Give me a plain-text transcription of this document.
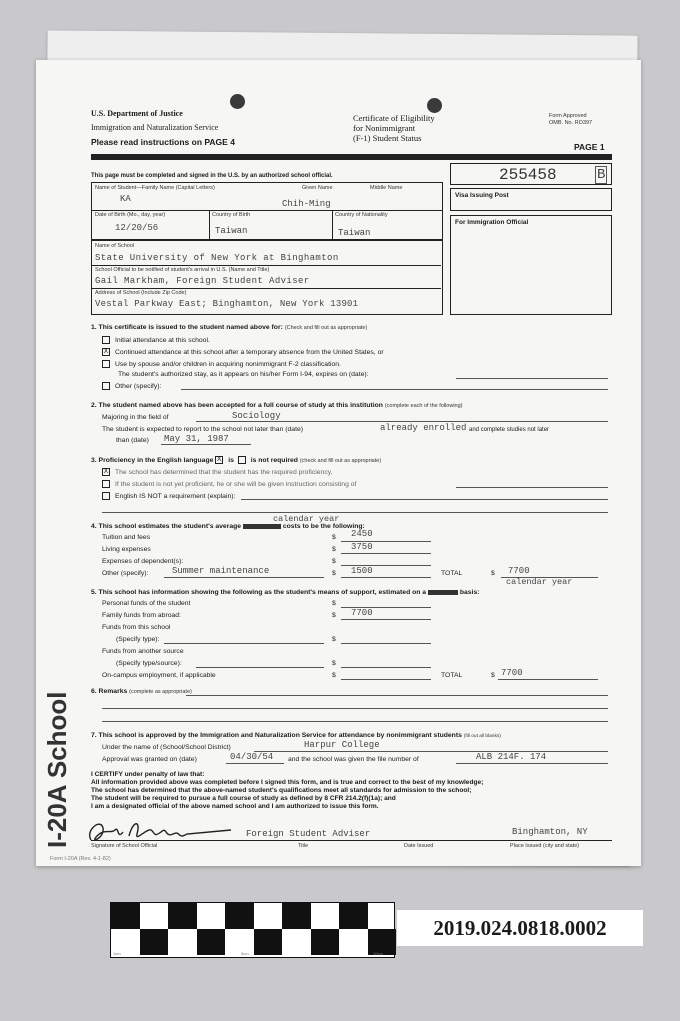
U.S. Department of Justice
Immigration and Naturalization Service
Please read instructions on PAGE 4
Certificate of Eligibility
for Nonimmigrant
(F-1) Student Status
Form Approved
OMB. No. RO397
PAGE 1
This page must be completed and signed in the U.S. by an authorized school official.	255458	B
Visa Issuing Post
For Immigration Official
Name of Student—Family Name (Capital Letters)	Given Name	Middle Name
KA	Chih-Ming
Date of Birth (Mo., day, year)	Country of Birth	Country of Nationality
12/20/56	Taiwan	Taiwan
Name of School
State University of New York at Binghamton
School Official to be notified of student's arrival in U.S. (Name and Title)
Gail Markham, Foreign Student Adviser
Address of School (Include Zip Code)
Vestal Parkway East; Binghamton, New York 13901
1. This certificate is issued to the student named above for: (Check and fill out as appropriate)
Initial attendance at this school.
X Continued attendance at this school after a temporary absence from the United States, or
Use by spouse and/or children in acquiring nonimmigrant F-2 classification.
The student's authorized stay, as it appears on his/her Form I-94, expires on (date):
Other (specify):
2. The student named above has been accepted for a full course of study at this institution (complete each of the following)
Majoring in the field of	Sociology
The student is expected to report to the school not later than (date)	already enrolled and complete studies not later
than (date) May 31, 1987
3. Proficiency in the English language X is is not required (check and fill out as appropriate)
X The school has determined that the student has the required proficiency.
If the student is not yet proficient, he or she will be given instruction consisting of
English IS NOT a requirement (explain):
calendar year
4. This school estimates the student's average	costs to be the following:
Tuition and fees	$ 2450
Living expenses	$ 3750
Expenses of dependent(s):	$
Other (specify):	Summer maintenance	$ 1500	TOTAL	$ 7700
calendar year
5. This school has information showing the following as the student's means of support, estimated on a	basis:
Personal funds of the student	$
Family funds from abroad:	$ 7700
Funds from this school
(Specify type):	$
Funds from another source
(Specify type/source):	$
On-campus employment, if applicable	$	TOTAL	$ 7700
6. Remarks (complete as appropriate)
7. This school is approved by the Immigration and Naturalization Service for attendance by nonimmigrant students (fill out all blanks)
Under the name of (School/School District)	Harpur College
Approval was granted on (date)	04/30/54 and the school was given the file number of	ALB 214F. 174
I CERTIFY under penalty of law that:
All information provided above was completed before I signed this form, and is true and correct to the best of my knowledge;
The school has determined that the above-named student's qualifications meet all standards for admission to the school;
The student will be required to pursue a full course of study as defined by 8 CFR 214.2(f)(1a); and
I am a designated official of the above named school and I am authorized to issue this form.
Foreign Student Adviser	Binghamton, NY
Signature of School Official	Title	Date Issued	Place Issued (city and state)
Form I-20A (Rev. 4-1-82)
I-20A School
1cm	5cm	10cm
2019.024.0818.0002
